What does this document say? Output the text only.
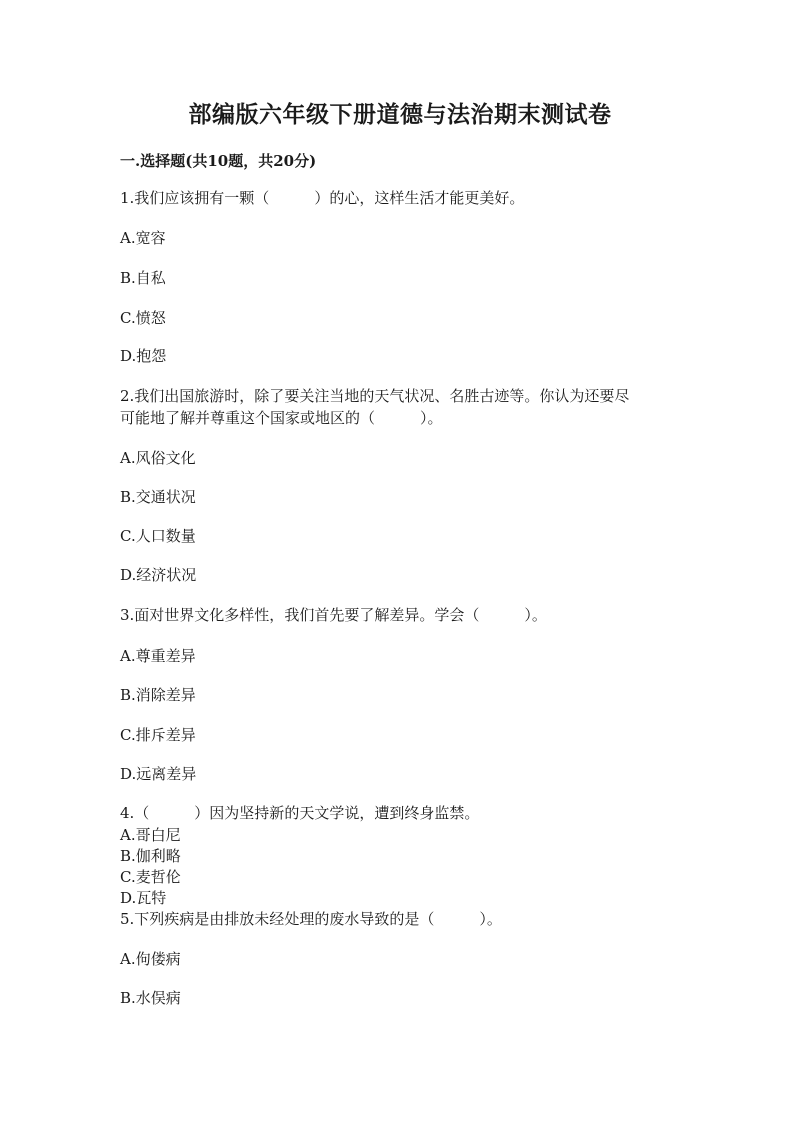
部编版六年级下册道德与法治期末测试卷
一.选择题(共10题，共20分)
1.我们应该拥有一颗（　　　）的心，这样生活才能更美好。
A.宽容
B.自私
C.愤怒
D.抱怨
2.我们出国旅游时，除了要关注当地的天气状况、名胜古迹等。你认为还要尽
可能地了解并尊重这个国家或地区的（　　　）。
A.风俗文化
B.交通状况
C.人口数量
D.经济状况
3.面对世界文化多样性，我们首先要了解差异。学会（　　　）。
A.尊重差异
B.消除差异
C.排斥差异
D.远离差异
4.（　　　）因为坚持新的天文学说，遭到终身监禁。
A.哥白尼
B.伽利略
C.麦哲伦
D.瓦特
5.下列疾病是由排放未经处理的废水导致的是（　　　）。
A.佝偻病
B.水俣病
